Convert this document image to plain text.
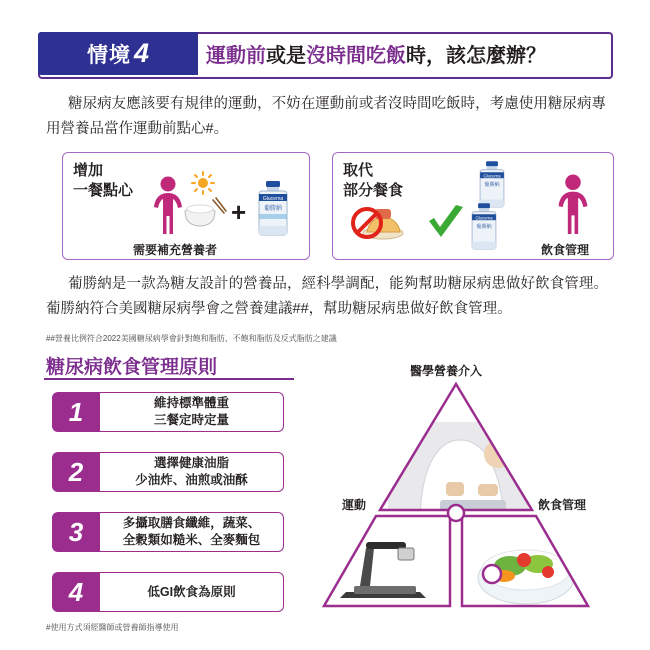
情境 4	運動前 或是 沒時間吃飯 時，該怎麼辦？
糖尿病友應該要有規律的運動，不妨在運動前或者沒時間吃飯時，考慮使用糖尿病專用營養品當作運動前點心#。
增加
一餐點心
+	Glucerna
葡勝納
需要補充營養者
取代
部分餐食
Glucerna
葡勝納
Glucerna
葡勝納
飲食管理
葡勝納是一款為糖友設計的營養品，經科學調配，能夠幫助糖尿病患做好飲食管理。葡勝納符合美國糖尿病學會之營養建議##，幫助糖尿病患做好飲食管理。
##營養比例符合2022美國糖尿病學會針對飽和脂肪、不飽和脂肪及反式脂肪之建議
糖尿病飲食管理原則
1	維持標準體重
三餐定時定量
2	選擇健康油脂
少油炸、油煎或油酥
3	多攝取膳食纖維，蔬菜、
全穀類如糙米、全麥麵包
4	低GI飲食為原則
醫學營養介入
運動	飲食管理
#使用方式須經醫師或營養師指導使用
